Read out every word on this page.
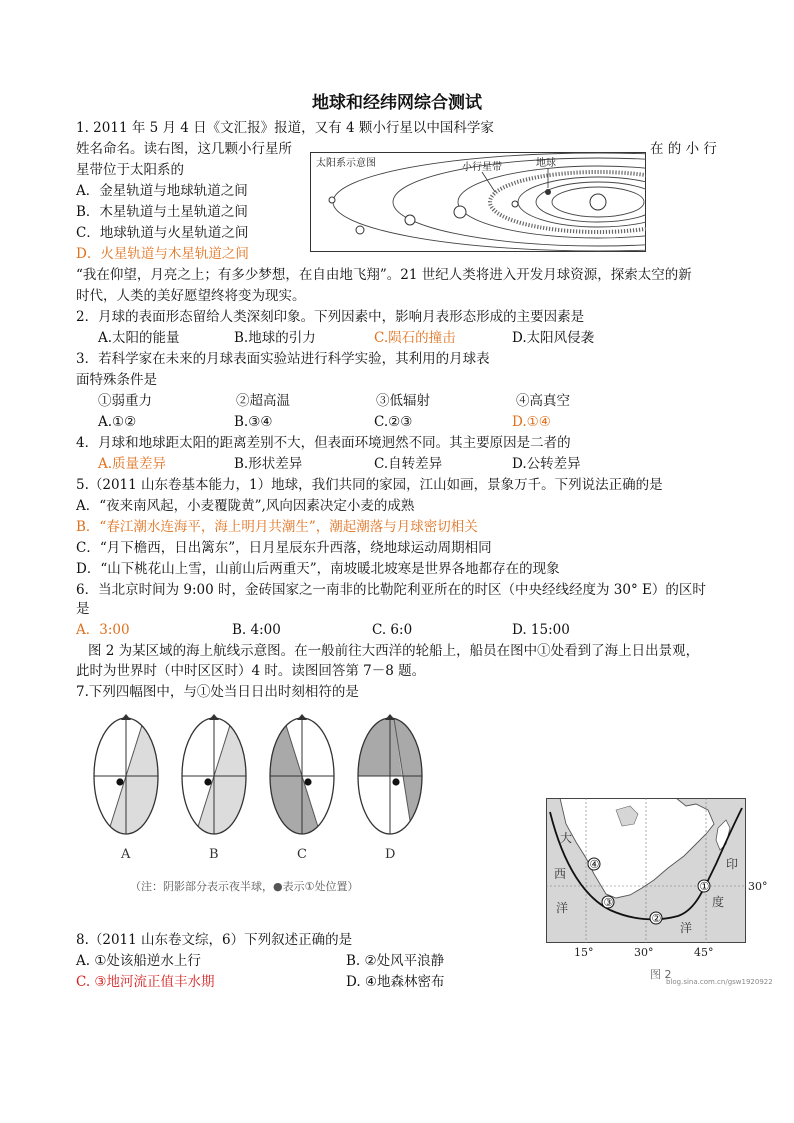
地球和经纬网综合测试
1. 2011 年 5 月 4 日《文汇报》报道，又有 4 颗小行星以中国科学家
姓名命名。读右图，这几颗小行星所	在 的 小 行
星带位于太阳系的
A．金星轨道与地球轨道之间
B．木星轨道与土星轨道之间
C．地球轨道与火星轨道之间
D．火星轨道与木星轨道之间
太阳系示意图	小行星带	地球
“我在仰望，月亮之上；有多少梦想，在自由地飞翔”。21 世纪人类将进入开发月球资源，探索太空的新
时代，人类的美好愿望终将变为现实。
2．月球的表面形态留给人类深刻印象。下列因素中，影响月表形态形成的主要因素是
A.太阳的能量	B.地球的引力	C.陨石的撞击	D.太阳风侵袭
3．若科学家在未来的月球表面实验站进行科学实验，其利用的月球表
面特殊条件是
①弱重力	②超高温	③低辐射	④高真空
A.①②	B.③④	C.②③	D.①④
4．月球和地球距太阳的距离差别不大，但表面环境迥然不同。其主要原因是二者的
A.质量差异	B.形状差异	C.自转差异	D.公转差异
5.（2011 山东卷基本能力，1）地球，我们共同的家园，江山如画，景象万千。下列说法正确的是
A．“夜来南风起，小麦覆陇黄”,风向因素决定小麦的成熟
B．“春江潮水连海平，海上明月共潮生”，潮起潮落与月球密切相关
C．“月下檐西，日出篱东”，日月星辰东升西落，绕地球运动周期相同
D．“山下桃花山上雪，山前山后两重天”，南坡暖北坡寒是世界各地都存在的现象
6．当北京时间为 9:00 时，金砖国家之一南非的比勒陀利亚所在的时区（中央经线经度为 30° E）的区时
是
A．3:00	B. 4:00	C. 6:0	D. 15:00
图 2 为某区域的海上航线示意图。在一般前往大西洋的轮船上，船员在图中①处看到了海上日出景观，
此时为世界时（中时区区时）4 时。读图回答第 7－8 题。
7.下列四幅图中，与①处当日日出时刻相符的是
A	B	C	D
（注：阴影部分表示夜半球，●表示①处位置）
8.（2011 山东卷文综，6）下列叙述正确的是
A. ①处该船逆水上行	B. ②处风平浪静
C. ③地河流正值丰水期	D. ④地森林密布
①
②
③
④
大
西
洋
印
度
洋
30°
15°	30°	45°
图 2
blog.sina.com.cn/gsw1920922
